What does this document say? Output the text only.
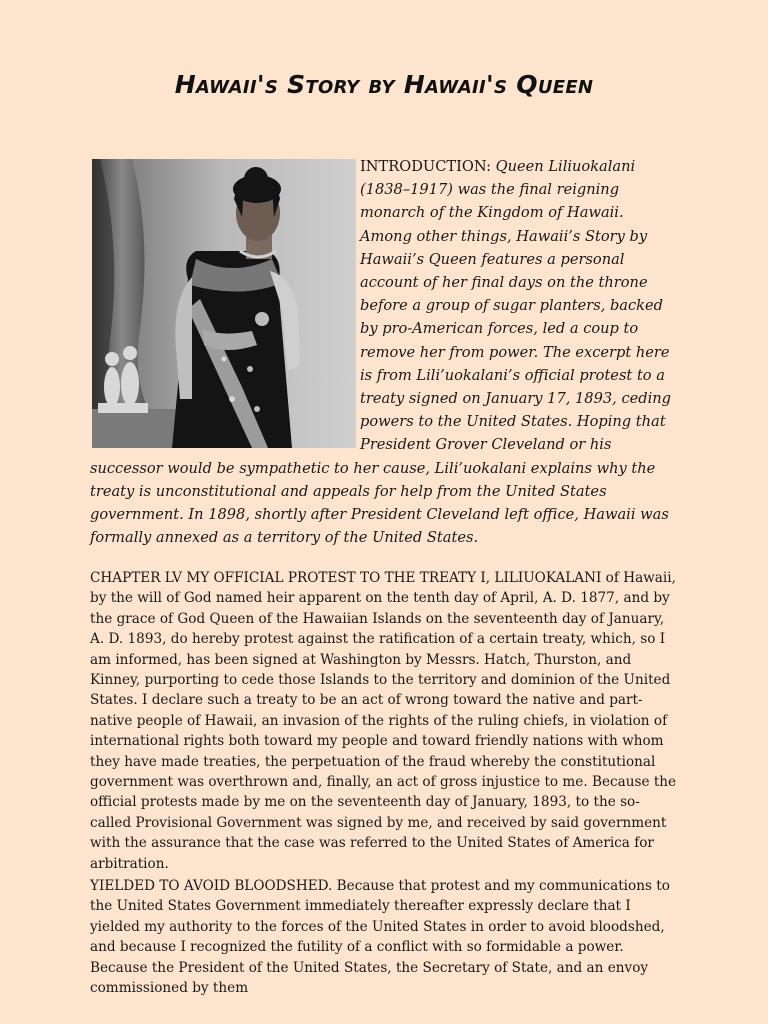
Hawaii's Story by Hawaii's Queen

INTRODUCTION: Queen Liliuokalani (1838–1917) was the final reigning monarch of the Kingdom of Hawaii. Among other things, Hawaii’s Story by Hawaii’s Queen features a personal account of her final days on the throne before a group of sugar planters, backed by pro-American forces, led a coup to remove her from power. The excerpt here is from Lili’uokalani’s official protest to a treaty signed on January 17, 1893, ceding powers to the United States. Hoping that President Grover Cleveland or his successor would be sympathetic to her cause, Lili’uokalani explains why the treaty is unconstitutional and appeals for help from the United States government. In 1898, shortly after President Cleveland left office, Hawaii was formally annexed as a territory of the United States.

CHAPTER LV MY OFFICIAL PROTEST TO THE TREATY I, LILIUOKALANI of Hawaii, by the will of God named heir apparent on the tenth day of April, A. D. 1877, and by the grace of God Queen of the Hawaiian Islands on the seventeenth day of January, A. D. 1893, do hereby protest against the ratification of a certain treaty, which, so I am informed, has been signed at Washington by Messrs. Hatch, Thurston, and Kinney, purporting to cede those Islands to the territory and dominion of the United States. I declare such a treaty to be an act of wrong toward the native and part-native people of Hawaii, an invasion of the rights of the ruling chiefs, in violation of international rights both toward my people and toward friendly nations with whom they have made treaties, the perpetuation of the fraud whereby the constitutional government was overthrown and, finally, an act of gross injustice to me. Because the official protests made by me on the seventeenth day of January, 1893, to the so-called Provisional Government was signed by me, and received by said government with the assurance that the case was referred to the United States of America for arbitration.

YIELDED TO AVOID BLOODSHED. Because that protest and my communications to the United States Government immediately thereafter expressly declare that I yielded my authority to the forces of the United States in order to avoid bloodshed, and because I recognized the futility of a conflict with so formidable a power. Because the President of the United States, the Secretary of State, and an envoy commissioned by them
